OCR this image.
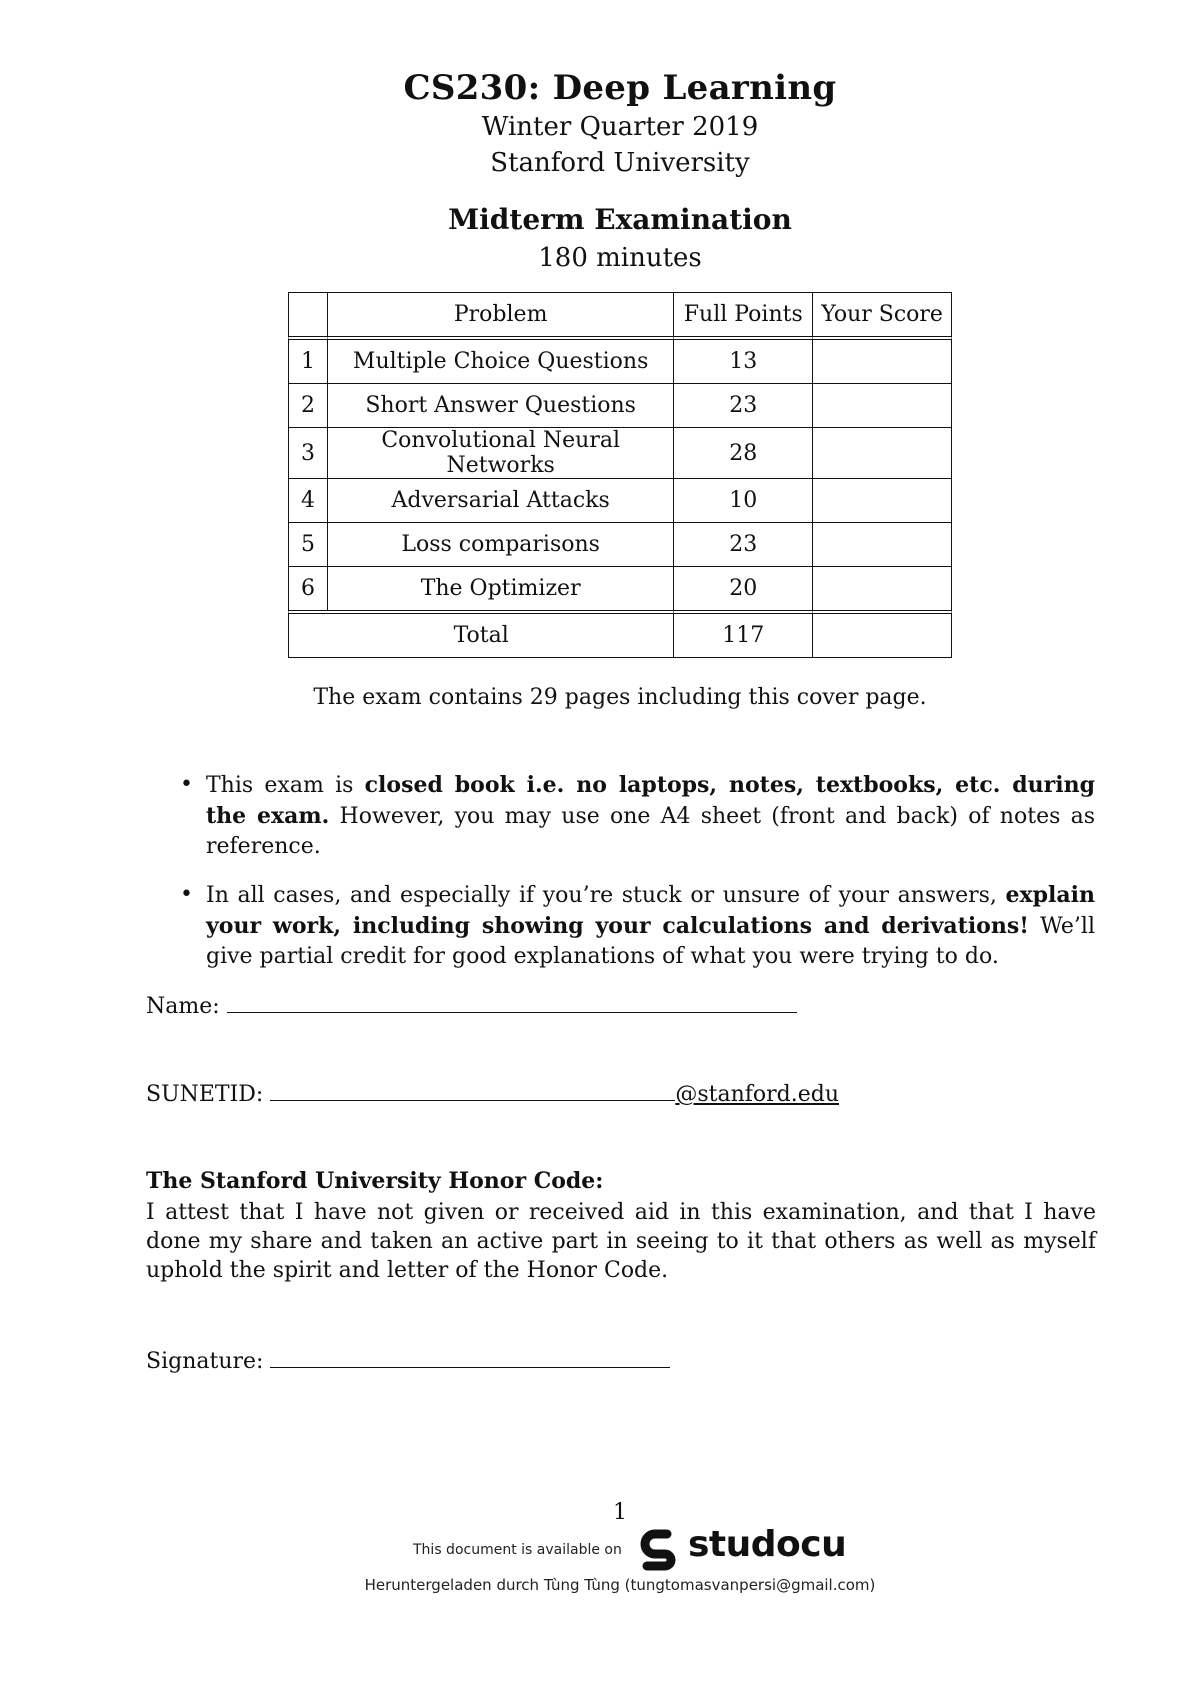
CS230: Deep Learning
Winter Quarter 2019
Stanford University
Midterm Examination
180 minutes
	Problem	Full Points	Your Score
1	Multiple Choice Questions	13	
2	Short Answer Questions	23	
3	Convolutional Neural Networks	28	
4	Adversarial Attacks	10	
5	Loss comparisons	23	
6	The Optimizer	20	
Total		117	
The exam contains 29 pages including this cover page.
• This exam is closed book i.e. no laptops, notes, textbooks, etc. during the exam. However, you may use one A4 sheet (front and back) of notes as reference.
• In all cases, and especially if you’re stuck or unsure of your answers, explain your work, including showing your calculations and derivations! We’ll give partial credit for good explanations of what you were trying to do.
Name:
SUNETID:	@stanford.edu
The Stanford University Honor Code:
I attest that I have not given or received aid in this examination, and that I have done my share and taken an active part in seeing to it that others as well as myself uphold the spirit and letter of the Honor Code.
Signature:
1
This document is available on studocu
Heruntergeladen durch Tùng Tùng (tungtomasvanpersi@gmail.com)
